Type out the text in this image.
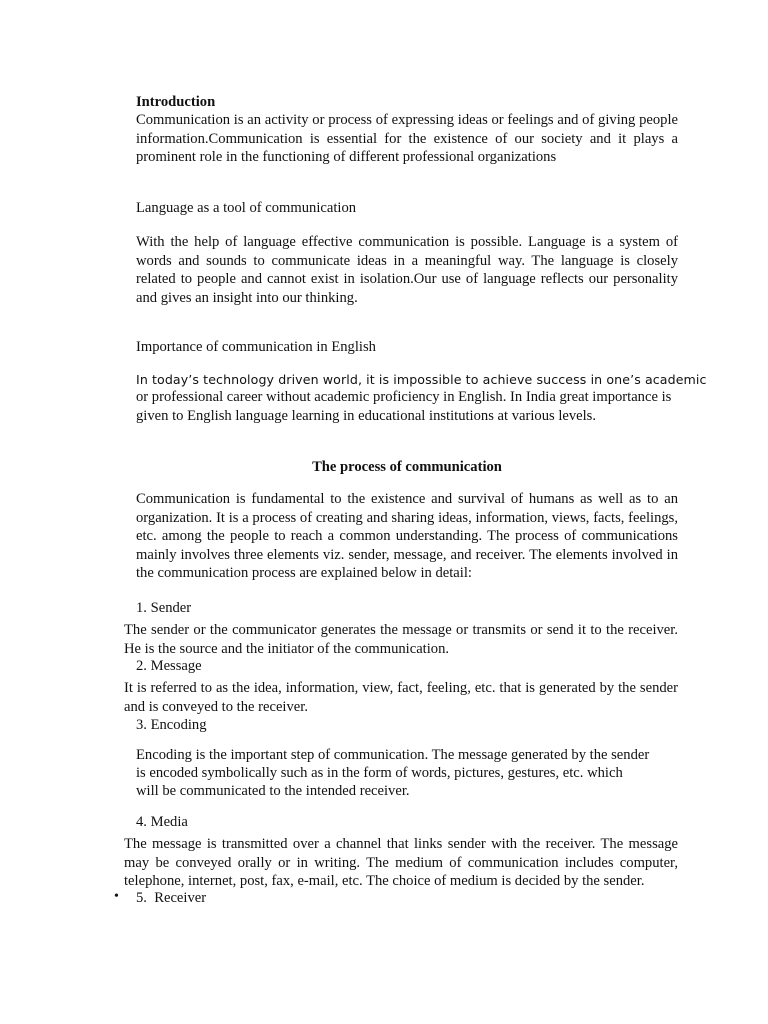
Introduction

Communication is an activity or process of expressing ideas or feelings and of giving people information.Communication is essential for the existence of our society and it plays a prominent role in the functioning of different professional organizations

Language as a tool of communication

With the help of language effective communication is possible. Language is a system of words and sounds to communicate ideas in a meaningful way. The language is closely related to people and cannot exist in isolation.Our use of language reflects our personality and gives an insight into our thinking.

Importance of communication in English

In today’s technology driven world, it is impossible to achieve success in one’s academic

or professional career without academic proficiency in English. In India great importance is given to English language learning in educational institutions at various levels.

The process of communication

Communication is fundamental to the existence and survival of humans as well as to an organization. It is a process of creating and sharing ideas, information, views, facts, feelings, etc. among the people to reach a common understanding. The process of communications mainly involves three elements viz. sender, message, and receiver. The elements involved in the communication process are explained below in detail:

1. Sender

The sender or the communicator generates the message or transmits or send it to the receiver. He is the source and the initiator of the communication.

2. Message

It is referred to as the idea, information, view, fact, feeling, etc. that is generated by the sender and is conveyed to the receiver.

3. Encoding

Encoding is the important step of communication. The message generated by the sender

is encoded symbolically such as in the form of words, pictures, gestures, etc. which

will be communicated to the intended receiver.

4. Media

The message is transmitted over a channel that links sender with the receiver. The message may be conveyed orally or in writing. The medium of communication includes computer, telephone, internet, post, fax, e-mail, etc. The choice of medium is decided by the sender.

• 5.  Receiver
